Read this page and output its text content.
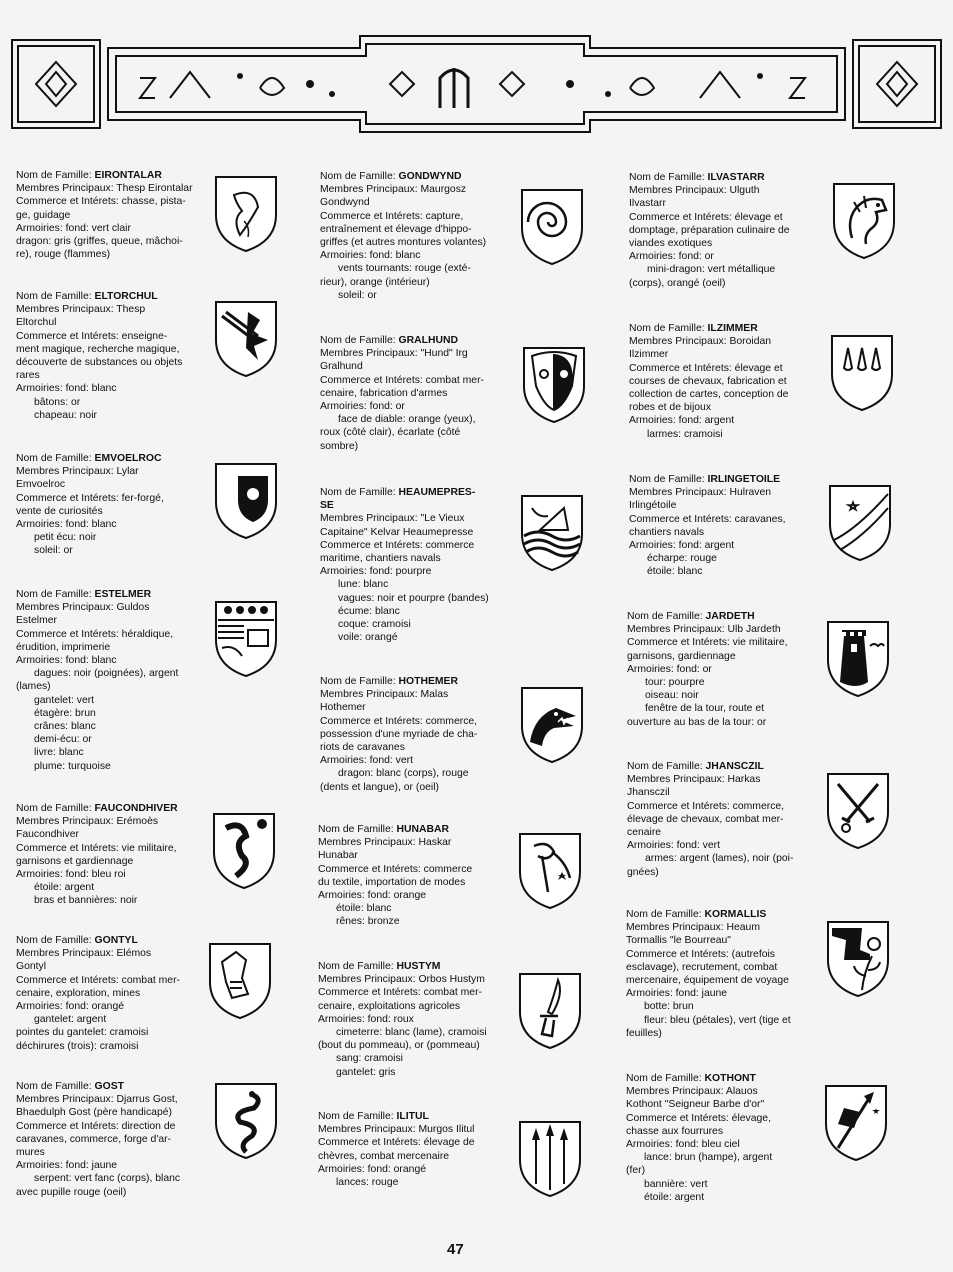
Nom de Famille: EIRONTALAR
Membres Principaux: Thesp Eirontalar
Commerce et Intérets: chasse, pista-
ge, guidage
Armoiries: fond: vert clair
dragon: gris (griffes, queue, mâchoi-
re), rouge (flammes)
Nom de Famille: ELTORCHUL
Membres Principaux: Thesp
Eltorchul
Commerce et Intérets: enseigne-
ment magique, recherche magique,
découverte de substances ou objets
rares
Armoiries: fond: blanc
bâtons: or
chapeau: noir
Nom de Famille: EMVOELROC
Membres Principaux: Lylar
Emvoelroc
Commerce et Intérets: fer-forgé,
vente de curiosités
Armoiries: fond: blanc
petit écu: noir
soleil: or
Nom de Famille: ESTELMER
Membres Principaux: Guldos
Estelmer
Commerce et Intérets: héraldique,
érudition, imprimerie
Armoiries: fond: blanc
dagues: noir (poignées), argent
(lames)
gantelet: vert
étagère: brun
crânes: blanc
demi-écu: or
livre: blanc
plume: turquoise
Nom de Famille: FAUCONDHIVER
Membres Principaux: Erémoès
Faucondhiver
Commerce et Intérets: vie militaire,
garnisons et gardiennage
Armoiries: fond: bleu roi
étoile: argent
bras et bannières: noir
Nom de Famille: GONTYL
Membres Principaux: Elémos
Gontyl
Commerce et Intérets: combat mer-
cenaire, exploration, mines
Armoiries: fond: orangé
gantelet: argent
pointes du gantelet: cramoisi
déchirures (trois): cramoisi
Nom de Famille: GOST
Membres Principaux: Djarrus Gost,
Bhaedulph Gost (père handicapé)
Commerce et Intérets: direction de
caravanes, commerce, forge d'ar-
mures
Armoiries: fond: jaune
serpent: vert fanc (corps), blanc
avec pupille rouge (oeil)
Nom de Famille: GONDWYND
Membres Principaux: Maurgosz
Gondwynd
Commerce et Intérets: capture,
entraînement et élevage d'hippo-
griffes (et autres montures volantes)
Armoiries: fond: blanc
vents tournants: rouge (exté-
rieur), orange (intérieur)
soleil: or
Nom de Famille: GRALHUND
Membres Principaux: "Hund" Irg
Gralhund
Commerce et Intérets: combat mer-
cenaire, fabrication d'armes
Armoiries: fond: or
face de diable: orange (yeux),
roux (côté clair), écarlate (côté
sombre)
Nom de Famille: HEAUMEPRES-
SE
Membres Principaux: "Le Vieux
Capitaine" Kelvar Heaumepresse
Commerce et Intérets: commerce
maritime, chantiers navals
Armoiries: fond: pourpre
lune: blanc
vagues: noir et pourpre (bandes)
écume: blanc
coque: cramoisi
voile: orangé
Nom de Famille: HOTHEMER
Membres Principaux: Malas
Hothemer
Commerce et Intérets: commerce,
possession d'une myriade de cha-
riots de caravanes
Armoiries: fond: vert
dragon: blanc (corps), rouge
(dents et langue), or (oeil)
Nom de Famille: HUNABAR
Membres Principaux: Haskar
Hunabar
Commerce et Intérets: commerce
du textile, importation de modes
Armoiries: fond: orange
étoile: blanc
rênes: bronze
Nom de Famille: HUSTYM
Membres Principaux: Orbos Hustym
Commerce et Intérets: combat mer-
cenaire, exploitations agricoles
Armoiries: fond: roux
cimeterre: blanc (lame), cramoisi
(bout du pommeau), or (pommeau)
sang: cramoisi
gantelet: gris
Nom de Famille: ILITUL
Membres Principaux: Murgos Ilitul
Commerce et Intérets: élevage de
chèvres, combat mercenaire
Armoiries: fond: orangé
lances: rouge
Nom de Famille: ILVASTARR
Membres Principaux: Ulguth
Ilvastarr
Commerce et Intérets: élevage et
domptage, préparation culinaire de
viandes exotiques
Armoiries: fond: or
mini-dragon: vert métallique
(corps), orangé (oeil)
Nom de Famille: ILZIMMER
Membres Principaux: Boroidan
Ilzimmer
Commerce et Intérets: élevage et
courses de chevaux, fabrication et
collection de cartes, conception de
robes et de bijoux
Armoiries: fond: argent
larmes: cramoisi
Nom de Famille: IRLINGETOILE
Membres Principaux: Hulraven
Irlingétoile
Commerce et Intérets: caravanes,
chantiers navals
Armoiries: fond: argent
écharpe: rouge
étoile: blanc
Nom de Famille: JARDETH
Membres Principaux: Ulb Jardeth
Commerce et Intérets: vie militaire,
garnisons, gardiennage
Armoiries: fond: or
tour: pourpre
oiseau: noir
fenêtre de la tour, route et
ouverture au bas de la tour: or
Nom de Famille: JHANSCZIL
Membres Principaux: Harkas
Jhansczil
Commerce et Intérets: commerce,
élevage de chevaux, combat mer-
cenaire
Armoiries: fond: vert
armes: argent (lames), noir (poi-
gnées)
Nom de Famille: KORMALLIS
Membres Principaux: Heaum
Tormallis "le Bourreau"
Commerce et Intérets: (autrefois
esclavage), recrutement, combat
mercenaire, équipement de voyage
Armoiries: fond: jaune
botte: brun
fleur: bleu (pétales), vert (tige et
feuilles)
Nom de Famille: KOTHONT
Membres Principaux: Alauos
Kothont "Seigneur Barbe d'or"
Commerce et Intérets: élevage,
chasse aux fourrures
Armoiries: fond: bleu ciel
lance: brun (hampe), argent
(fer)
bannière: vert
étoile: argent
47
